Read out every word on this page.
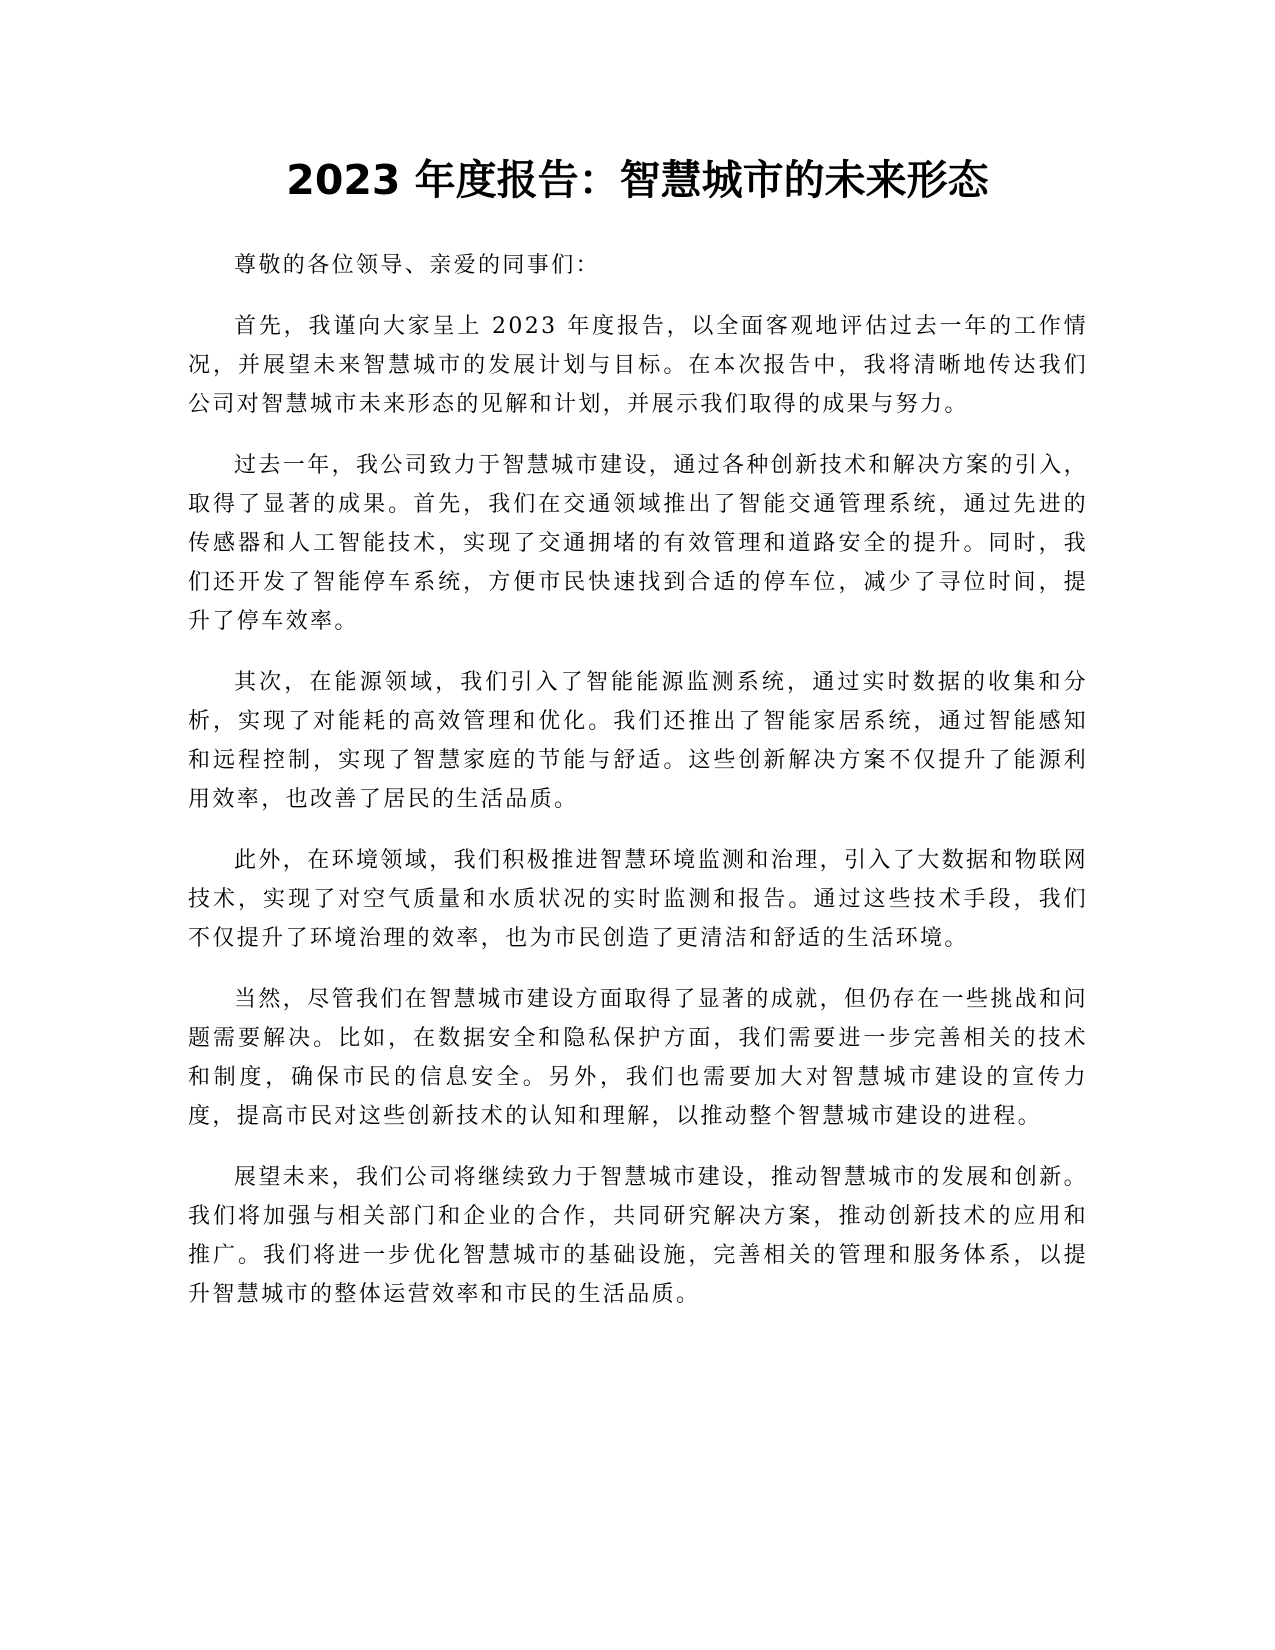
2023 年度报告：智慧城市的未来形态

尊敬的各位领导、亲爱的同事们：

首先，我谨向大家呈上 2023 年度报告，以全面客观地评估过去一年的工作情况，并展望未来智慧城市的发展计划与目标。在本次报告中，我将清晰地传达我们公司对智慧城市未来形态的见解和计划，并展示我们取得的成果与努力。

过去一年，我公司致力于智慧城市建设，通过各种创新技术和解决方案的引入，取得了显著的成果。首先，我们在交通领域推出了智能交通管理系统，通过先进的传感器和人工智能技术，实现了交通拥堵的有效管理和道路安全的提升。同时，我们还开发了智能停车系统，方便市民快速找到合适的停车位，减少了寻位时间，提升了停车效率。

其次，在能源领域，我们引入了智能能源监测系统，通过实时数据的收集和分析，实现了对能耗的高效管理和优化。我们还推出了智能家居系统，通过智能感知和远程控制，实现了智慧家庭的节能与舒适。这些创新解决方案不仅提升了能源利用效率，也改善了居民的生活品质。

此外，在环境领域，我们积极推进智慧环境监测和治理，引入了大数据和物联网技术，实现了对空气质量和水质状况的实时监测和报告。通过这些技术手段，我们不仅提升了环境治理的效率，也为市民创造了更清洁和舒适的生活环境。

当然，尽管我们在智慧城市建设方面取得了显著的成就，但仍存在一些挑战和问题需要解决。比如，在数据安全和隐私保护方面，我们需要进一步完善相关的技术和制度，确保市民的信息安全。另外，我们也需要加大对智慧城市建设的宣传力度，提高市民对这些创新技术的认知和理解，以推动整个智慧城市建设的进程。

展望未来，我们公司将继续致力于智慧城市建设，推动智慧城市的发展和创新。我们将加强与相关部门和企业的合作，共同研究解决方案，推动创新技术的应用和推广。我们将进一步优化智慧城市的基础设施，完善相关的管理和服务体系，以提升智慧城市的整体运营效率和市民的生活品质。
